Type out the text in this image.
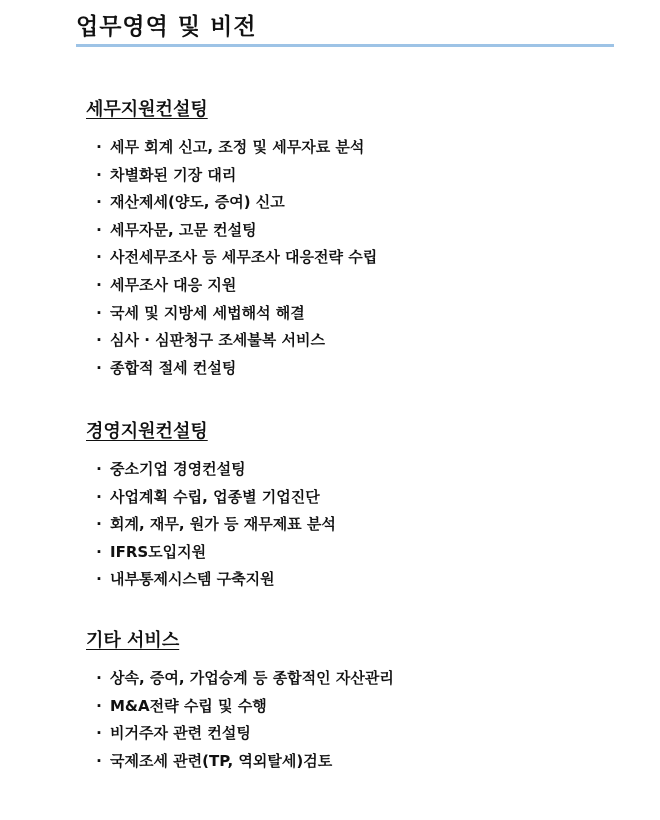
업무영역 및 비전
세무지원컨설팅
· 세무 회계 신고, 조정 및 세무자료 분석
· 차별화된 기장 대리
· 재산제세(양도, 증여) 신고
· 세무자문, 고문 컨설팅
· 사전세무조사 등 세무조사 대응전략 수립
· 세무조사 대응 지원
· 국세 및 지방세 세법해석 해결
· 심사 · 심판청구 조세불복 서비스
· 종합적 절세 컨설팅
경영지원컨설팅
· 중소기업 경영컨설팅
· 사업계획 수립, 업종별 기업진단
· 회계, 재무, 원가 등 재무제표 분석
· IFRS도입지원
· 내부통제시스템 구축지원
기타 서비스
· 상속, 증여, 가업승계 등 종합적인 자산관리
· M&A전략 수립 및 수행
· 비거주자 관련 컨설팅
· 국제조세 관련(TP, 역외탈세)검토
